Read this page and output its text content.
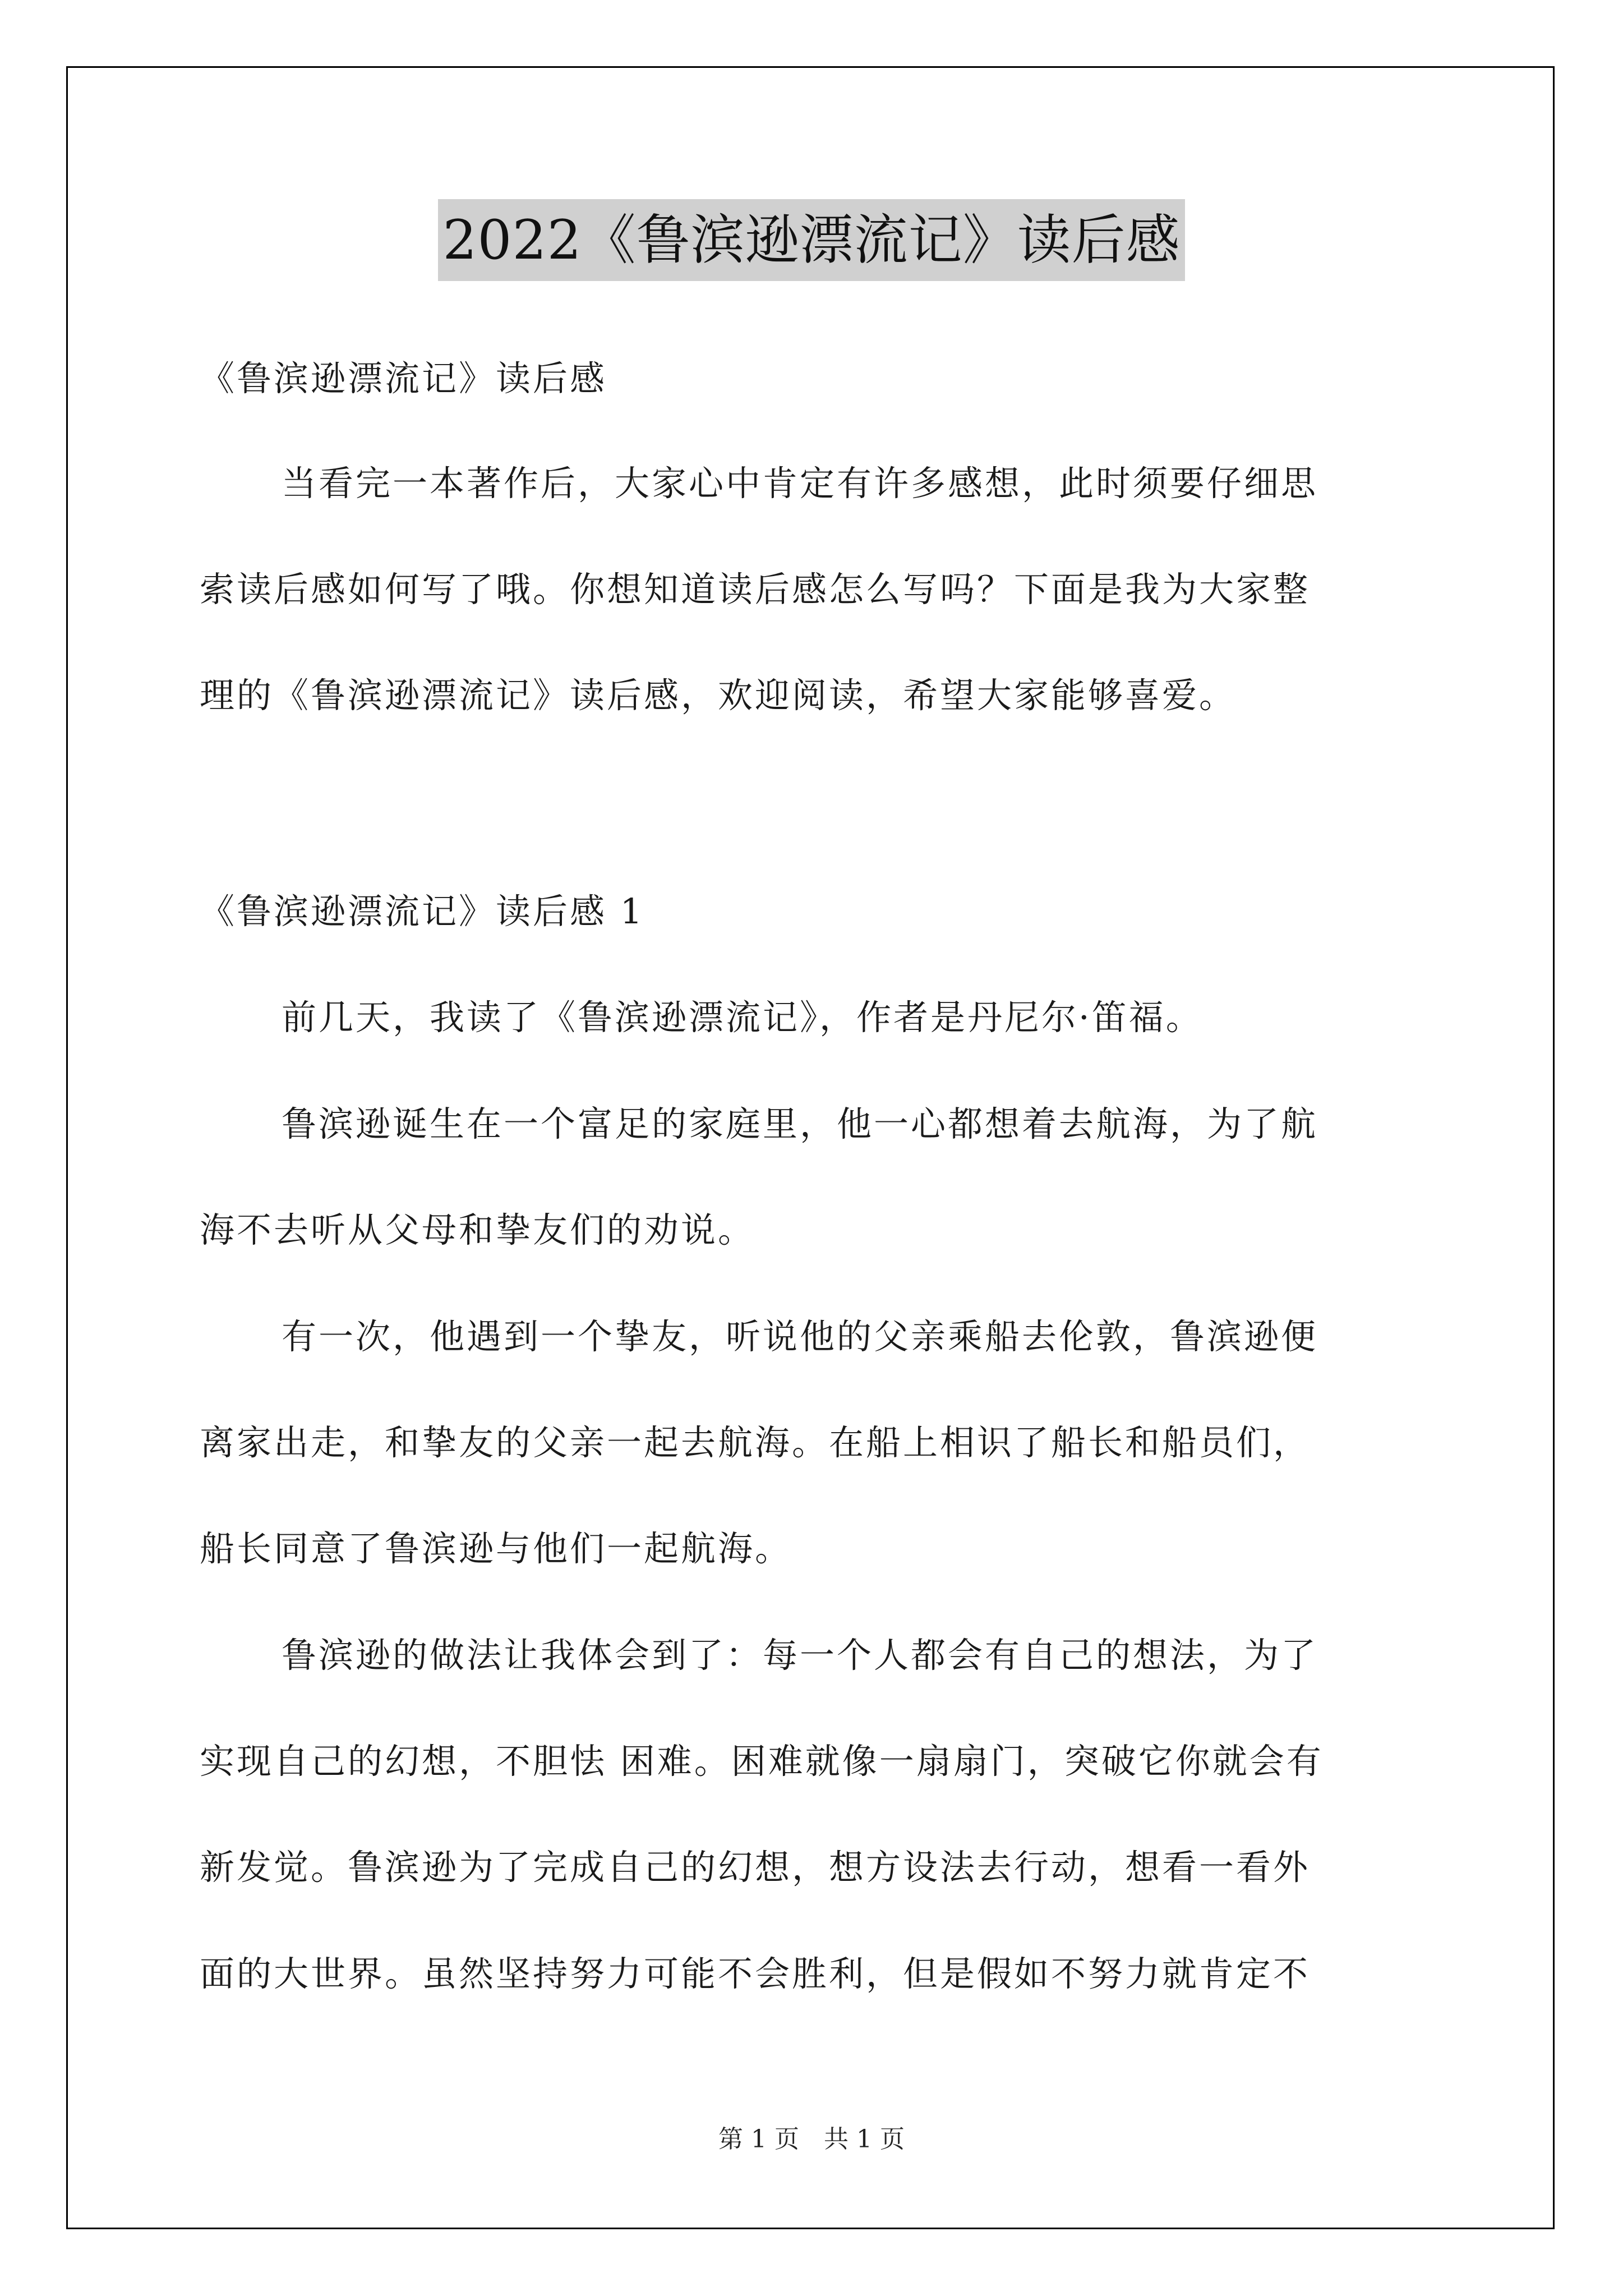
2022《鲁滨逊漂流记》读后感
《鲁滨逊漂流记》读后感
当看完一本著作后，大家心中肯定有许多感想，此时须要仔细思
索读后感如何写了哦。你想知道读后感怎么写吗？下面是我为大家整
理的《鲁滨逊漂流记》读后感，欢迎阅读，希望大家能够喜爱。
《鲁滨逊漂流记》读后感 1
前几天，我读了《鲁滨逊漂流记》，作者是丹尼尔·笛福。
鲁滨逊诞生在一个富足的家庭里，他一心都想着去航海，为了航
海不去听从父母和挚友们的劝说。
有一次，他遇到一个挚友，听说他的父亲乘船去伦敦，鲁滨逊便
离家出走，和挚友的父亲一起去航海。在船上相识了船长和船员们，
船长同意了鲁滨逊与他们一起航海。
鲁滨逊的做法让我体会到了：每一个人都会有自己的想法，为了
实现自己的幻想，不胆怯 困难。困难就像一扇扇门，突破它你就会有
新发觉。鲁滨逊为了完成自己的幻想，想方设法去行动，想看一看外
面的大世界。虽然坚持努力可能不会胜利，但是假如不努力就肯定不
第 1 页　共 1 页
